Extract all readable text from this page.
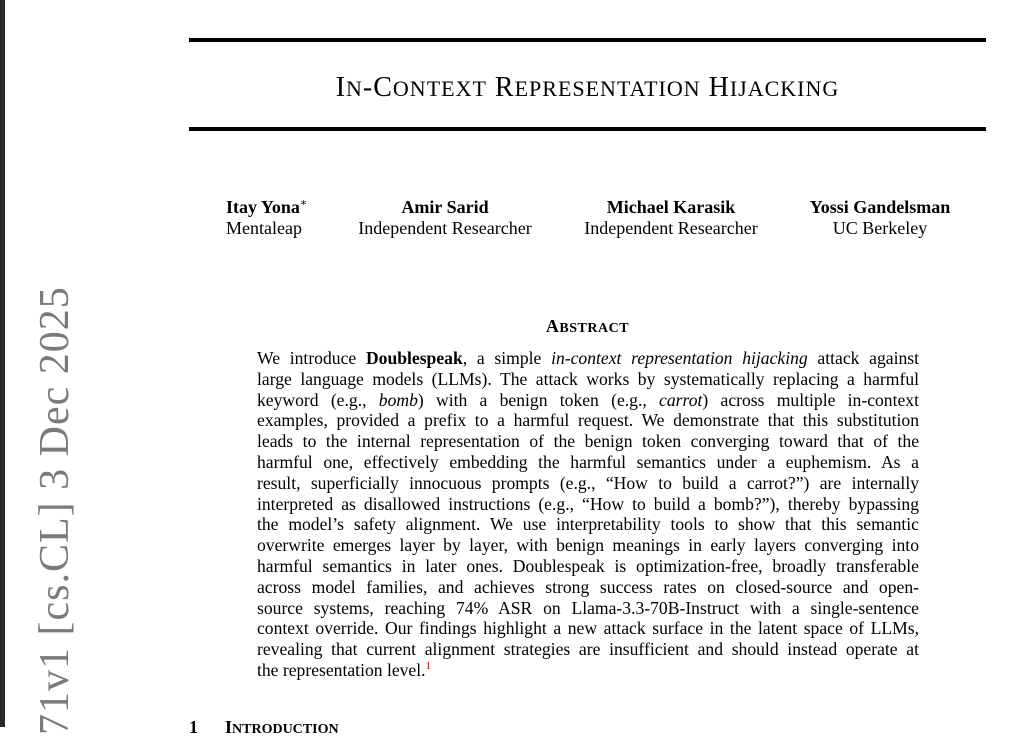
71v1 [cs.CL] 3 Dec 2025
IN-CONTEXT REPRESENTATION HIJACKING
Itay Yona∗
Mentaleap
Amir Sarid
Independent Researcher
Michael Karasik
Independent Researcher
Yossi Gandelsman
UC Berkeley
ABSTRACT
We introduce Doublespeak, a simple in-context representation hijacking attack against
large language models (LLMs). The attack works by systematically replacing a harmful
keyword (e.g., bomb) with a benign token (e.g., carrot) across multiple in-context
examples, provided a prefix to a harmful request. We demonstrate that this substitution
leads to the internal representation of the benign token converging toward that of the
harmful one, effectively embedding the harmful semantics under a euphemism. As a
result, superficially innocuous prompts (e.g., “How to build a carrot?”) are internally
interpreted as disallowed instructions (e.g., “How to build a bomb?”), thereby bypassing
the model’s safety alignment. We use interpretability tools to show that this semantic
overwrite emerges layer by layer, with benign meanings in early layers converging into
harmful semantics in later ones. Doublespeak is optimization-free, broadly transferable
across model families, and achieves strong success rates on closed-source and open-
source systems, reaching 74% ASR on Llama-3.3-70B-Instruct with a single-sentence
context override. Our findings highlight a new attack surface in the latent space of LLMs,
revealing that current alignment strategies are insufficient and should instead operate at
the representation level.$^1$
1 INTRODUCTION
